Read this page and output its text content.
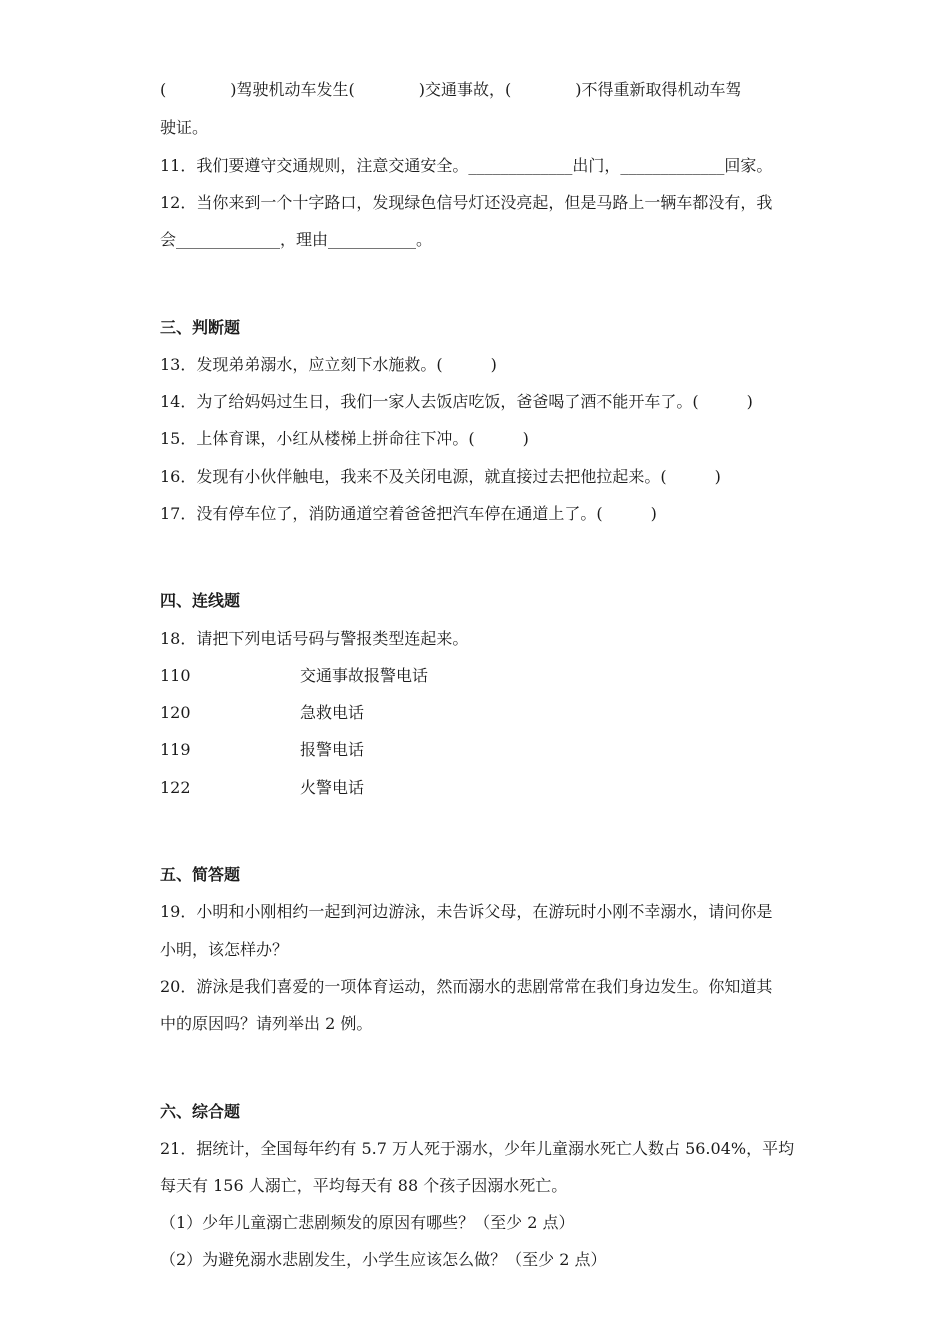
(　　　　)驾驶机动车发生(　　　　)交通事故，(　　　　)不得重新取得机动车驾
驶证。
11．我们要遵守交通规则，注意交通安全。_____________出门，_____________回家。
12．当你来到一个十字路口，发现绿色信号灯还没亮起，但是马路上一辆车都没有，我
会_____________，理由___________。
三、判断题
13．发现弟弟溺水，应立刻下水施救。(　　　)
14．为了给妈妈过生日，我们一家人去饭店吃饭，爸爸喝了酒不能开车了。(　　　)
15．上体育课，小红从楼梯上拼命往下冲。(　　　)
16．发现有小伙伴触电，我来不及关闭电源，就直接过去把他拉起来。(　　　)
17．没有停车位了，消防通道空着爸爸把汽车停在通道上了。(　　　)
四、连线题
18．请把下列电话号码与警报类型连起来。
110	交通事故报警电话
120	急救电话
119	报警电话
122	火警电话
五、简答题
19．小明和小刚相约一起到河边游泳，未告诉父母，在游玩时小刚不幸溺水，请问你是
小明，该怎样办？
20．游泳是我们喜爱的一项体育运动，然而溺水的悲剧常常在我们身边发生。你知道其
中的原因吗？请列举出 2 例。
六、综合题
21．据统计，全国每年约有 5.7 万人死于溺水，少年儿童溺水死亡人数占 56.04%，平均
每天有 156 人溺亡，平均每天有 88 个孩子因溺水死亡。
（1）少年儿童溺亡悲剧频发的原因有哪些？（至少 2 点）
（2）为避免溺水悲剧发生，小学生应该怎么做？（至少 2 点）
